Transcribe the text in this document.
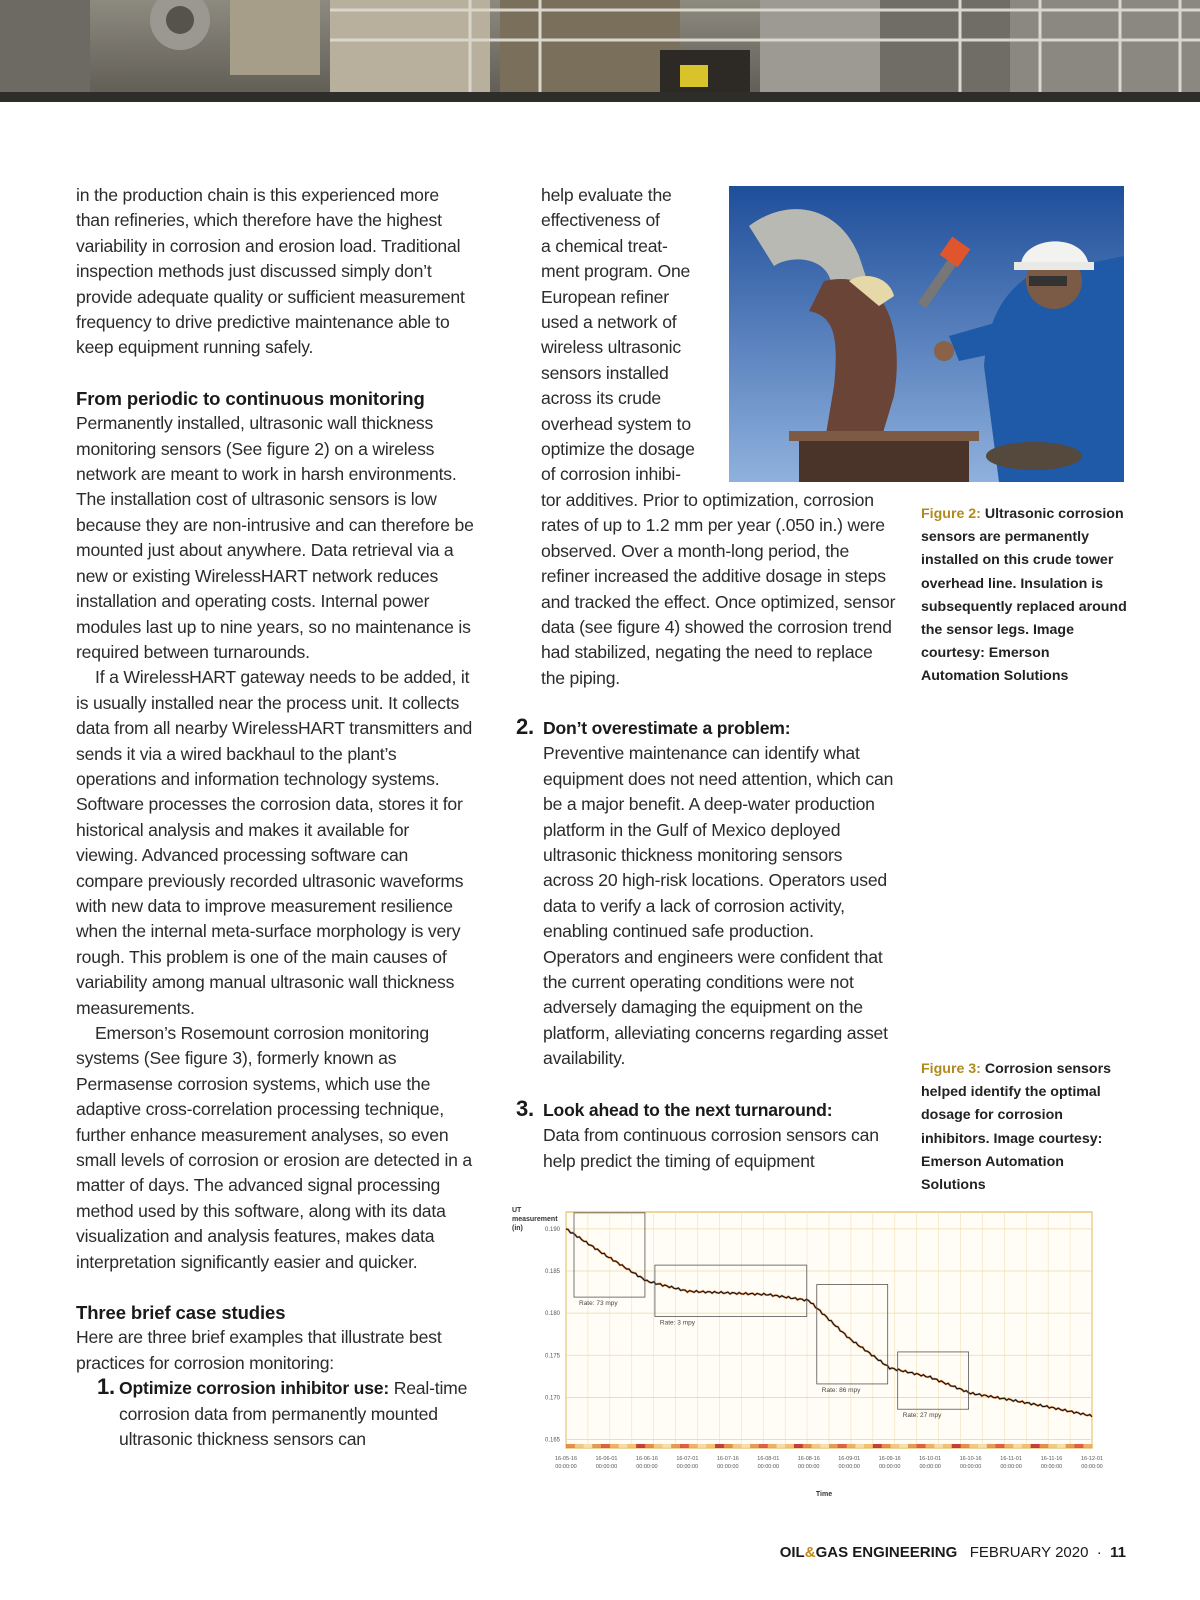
in the production chain is this experienced more than refineries, which therefore have the highest variability in corrosion and erosion load. Traditional inspection methods just discussed simply don’t provide adequate quality or sufficient measurement frequency to drive predictive maintenance able to keep equipment running safely.

From periodic to continuous monitoring

Permanently installed, ultrasonic wall thickness monitoring sensors (See figure 2) on a wireless network are meant to work in harsh environments. The installation cost of ultrasonic sensors is low because they are non-intrusive and can therefore be mounted just about anywhere. Data retrieval via a new or existing WirelessHART network reduces installation and operating costs. Internal power modules last up to nine years, so no maintenance is required between turnarounds.

If a WirelessHART gateway needs to be added, it is usually installed near the process unit. It collects data from all nearby WirelessHART transmitters and sends it via a wired backhaul to the plant’s operations and information technology systems. Software processes the corrosion data, stores it for historical analysis and makes it available for viewing. Advanced processing software can compare previously recorded ultrasonic waveforms with new data to improve measurement resilience when the internal meta-surface morphology is very rough. This problem is one of the main causes of variability among manual ultrasonic wall thickness measurements.

Emerson’s Rosemount corrosion monitoring systems (See figure 3), formerly known as Permasense corrosion systems, which use the adaptive cross-correlation processing technique, further enhance measurement analyses, so even small levels of corrosion or erosion are detected in a matter of days. The advanced signal processing method used by this software, along with its data visualization and analysis features, makes data interpretation significantly easier and quicker.

Three brief case studies

Here are three brief examples that illustrate best practices for corrosion monitoring:

1. Optimize corrosion inhibitor use: Real-time corrosion data from permanently mounted ultrasonic thickness sensors can

help evaluate the

effectiveness of

a chemical treat-

ment program. One

European refiner

used a network of

wireless ultrasonic

sensors installed

across its crude

overhead system to

optimize the dosage

of corrosion inhibi-

tor additives. Prior to optimization, corrosion rates of up to 1.2 mm per year (.050 in.) were observed. Over a month-long period, the refiner increased the additive dosage in steps and tracked the effect. Once optimized, sensor data (see figure 4) showed the corrosion trend had stabilized, negating the need to replace the piping.

2. Don’t overestimate a problem:
Preventive maintenance can identify what equipment does not need attention, which can be a major benefit. A deep-water production platform in the Gulf of Mexico deployed ultrasonic thickness monitoring sensors across 20 high-risk locations. Operators used data to verify a lack of corrosion activity, enabling continued safe production. Operators and engineers were confident that the current operating conditions were not adversely damaging the equipment on the platform, alleviating concerns regarding asset availability.
3. Look ahead to the next turnaround:
Data from continuous corrosion sensors can help predict the timing of equipment
Figure 2: Ultrasonic corrosion sensors are permanently installed on this crude tower overhead line. Insulation is subsequently replaced around the sensor legs. Image courtesy: Emerson Automation Solutions
Figure 3: Corrosion sensors helped identify the optimal dosage for corrosion inhibitors. Image courtesy: Emerson Automation Solutions
UT
measurement
(in)
Time
0.190
0.185
0.180
0.175
0.170
0.165
16-05-16
00:00:00
16-06-01
00:00:00
16-06-16
00:00:00
16-07-01
00:00:00
16-07-16
00:00:00
16-08-01
00:00:00
16-08-16
00:00:00
16-09-01
00:00:00
16-09-16
00:00:00
16-10-01
00:00:00
16-10-16
00:00:00
16-11-01
00:00:00
16-11-16
00:00:00
16-12-01
00:00:00
Rate: 73 mpy
Rate: 3 mpy
Rate: 86 mpy
Rate: 27 mpy
OIL&GAS ENGINEERING FEBRUARY 2020 · 11
